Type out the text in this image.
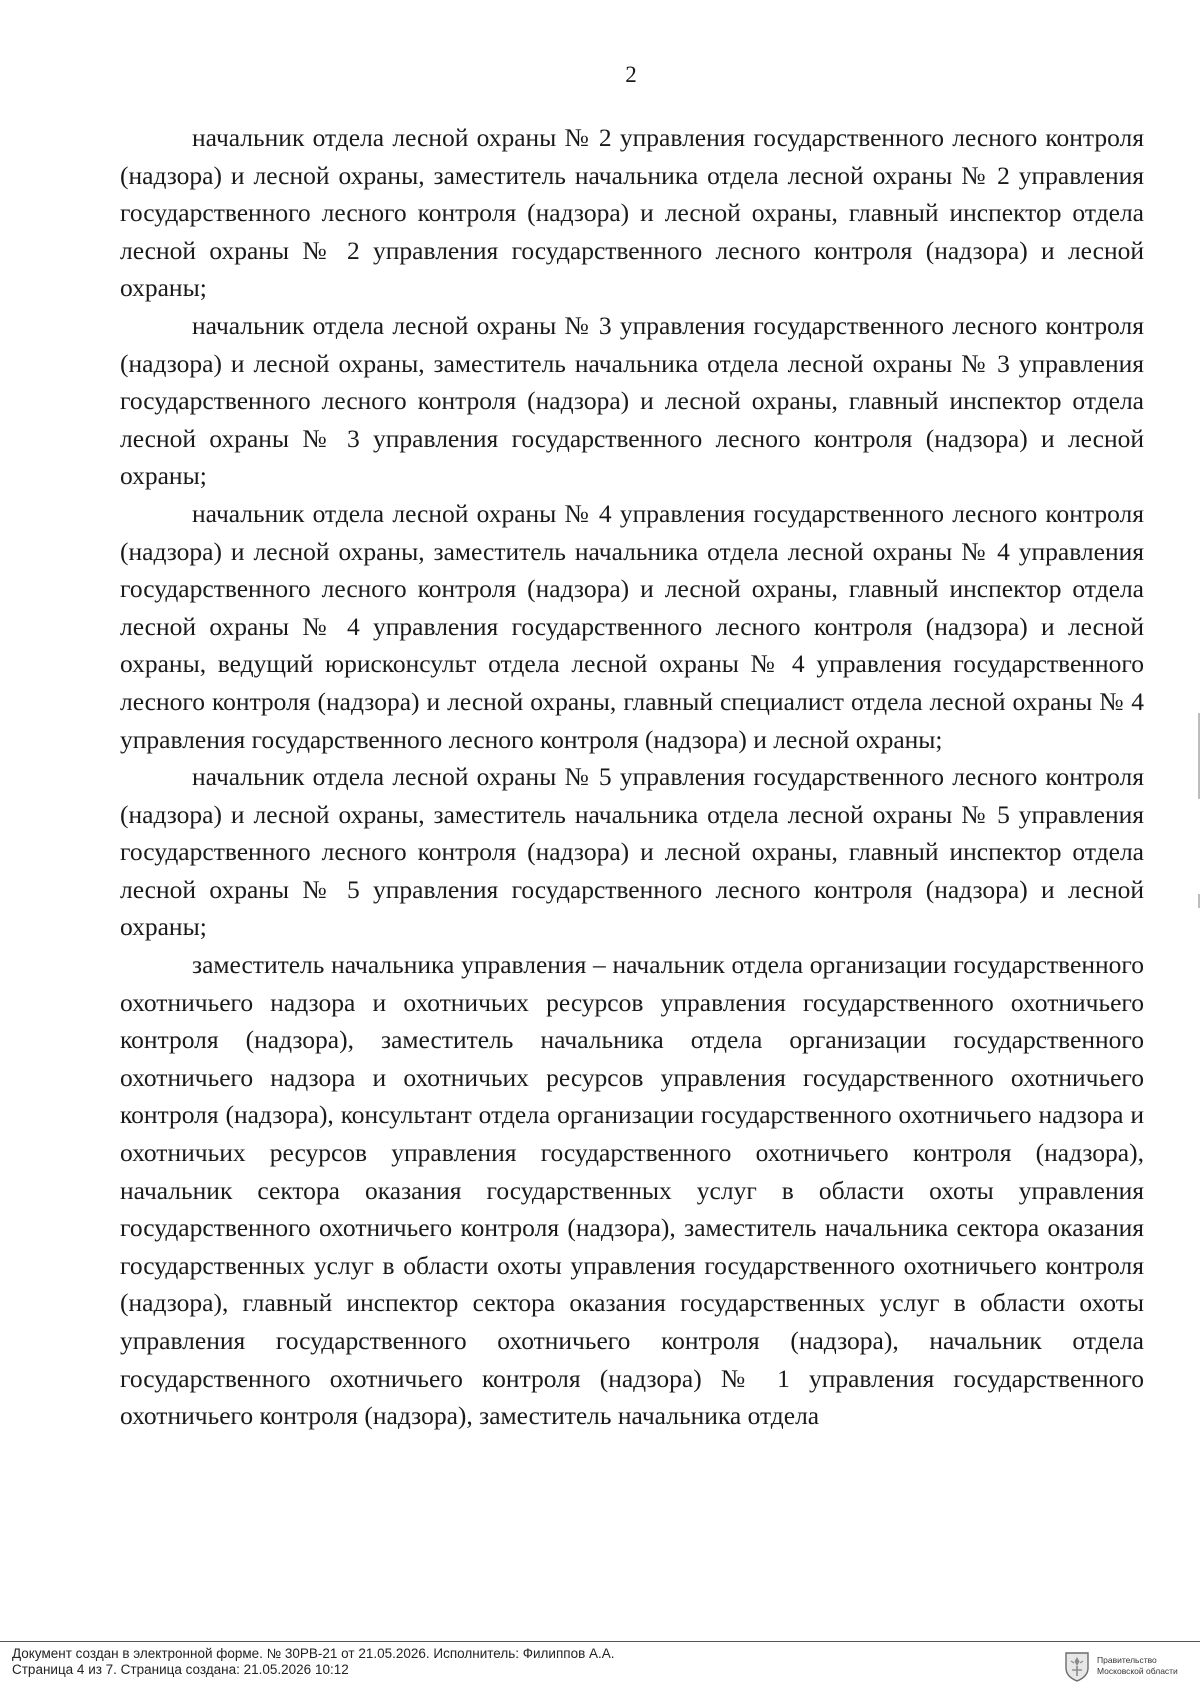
2

начальник отдела лесной охраны № 2 управления государственного лесного контроля (надзора) и лесной охраны, заместитель начальника отдела лесной охраны № 2 управления государственного лесного контроля (надзора) и лесной охраны, главный инспектор отдела лесной охраны № 2 управления государственного лесного контроля (надзора) и лесной охраны;

начальник отдела лесной охраны № 3 управления государственного лесного контроля (надзора) и лесной охраны, заместитель начальника отдела лесной охраны № 3 управления государственного лесного контроля (надзора) и лесной охраны, главный инспектор отдела лесной охраны № 3 управления государственного лесного контроля (надзора) и лесной охраны;

начальник отдела лесной охраны № 4 управления государственного лесного контроля (надзора) и лесной охраны, заместитель начальника отдела лесной охраны № 4 управления государственного лесного контроля (надзора) и лесной охраны, главный инспектор отдела лесной охраны № 4 управления государственного лесного контроля (надзора) и лесной охраны, ведущий юрисконсульт отдела лесной охраны № 4 управления государственного лесного контроля (надзора) и лесной охраны, главный специалист отдела лесной охраны № 4 управления государственного лесного контроля (надзора) и лесной охраны;

начальник отдела лесной охраны № 5 управления государственного лесного контроля (надзора) и лесной охраны, заместитель начальника отдела лесной охраны № 5 управления государственного лесного контроля (надзора) и лесной охраны, главный инспектор отдела лесной охраны № 5 управления государственного лесного контроля (надзора) и лесной охраны;

заместитель начальника управления – начальник отдела организации государственного охотничьего надзора и охотничьих ресурсов управления государственного охотничьего контроля (надзора), заместитель начальника отдела организации государственного охотничьего надзора и охотничьих ресурсов управления государственного охотничьего контроля (надзора), консультант отдела организации государственного охотничьего надзора и охотничьих ресурсов управления государственного охотничьего контроля (надзора), начальник сектора оказания государственных услуг в области охоты управления государственного охотничьего контроля (надзора), заместитель начальника сектора оказания государственных услуг в области охоты управления государственного охотничьего контроля (надзора), главный инспектор сектора оказания государственных услуг в области охоты управления государственного охотничьего контроля (надзора), начальник отдела государственного охотничьего контроля (надзора) № 1 управления государственного охотничьего контроля (надзора), заместитель начальника отдела

Документ создан в электронной форме. № 30РВ-21 от 21.05.2026. Исполнитель: Филиппов А.А.
Страница 4 из 7. Страница создана: 21.05.2026 10:12
Правительство
Московской области
